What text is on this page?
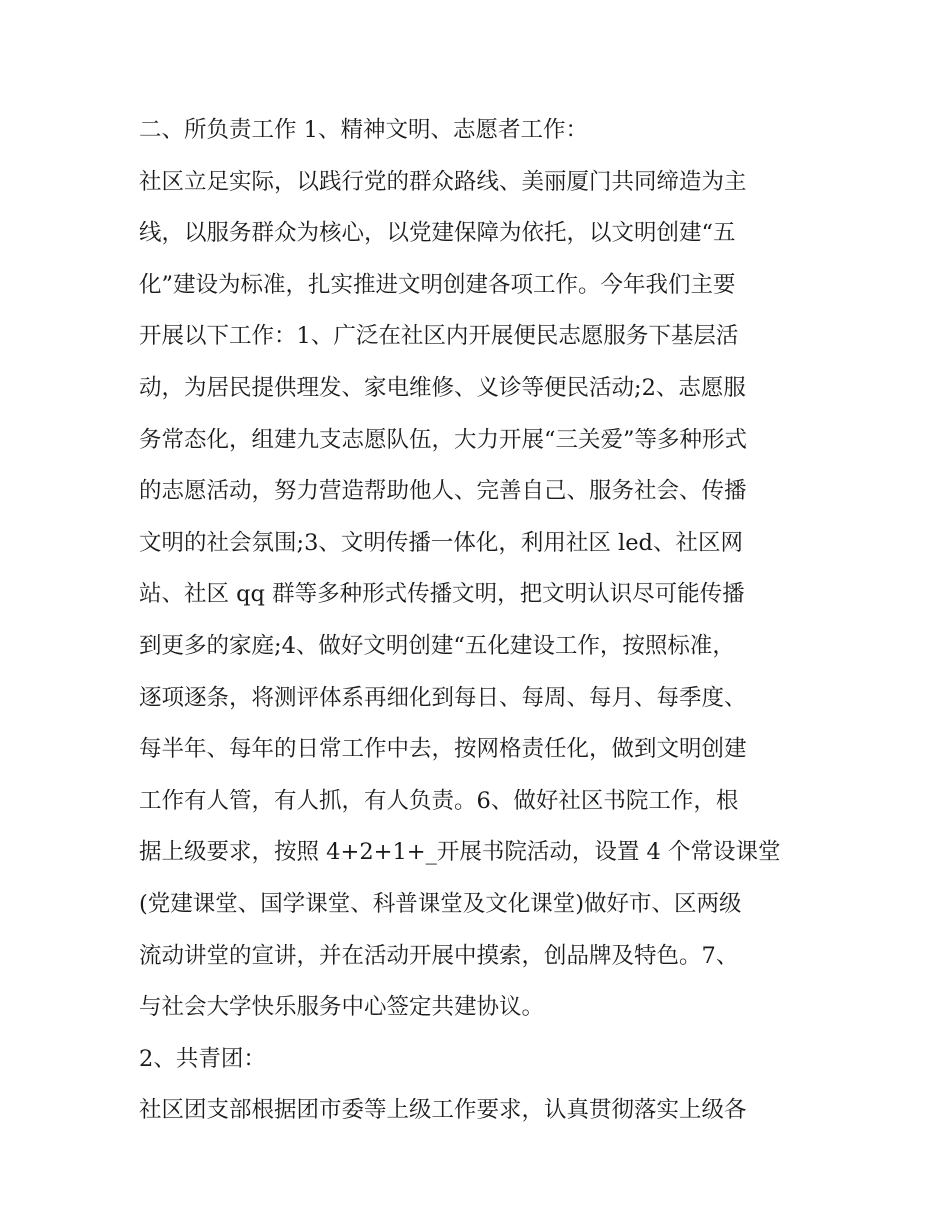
二、所负责工作 1、精神文明、志愿者工作：
社区立足实际，以践行党的群众路线、美丽厦门共同缔造为主
线，以服务群众为核心，以党建保障为依托，以文明创建“五
化”建设为标准，扎实推进文明创建各项工作。今年我们主要
开展以下工作：1、广泛在社区内开展便民志愿服务下基层活
动，为居民提供理发、家电维修、义诊等便民活动;2、志愿服
务常态化，组建九支志愿队伍，大力开展“三关爱”等多种形式
的志愿活动，努力营造帮助他人、完善自己、服务社会、传播
文明的社会氛围;3、文明传播一体化，利用社区 led、社区网
站、社区 qq 群等多种形式传播文明，把文明认识尽可能传播
到更多的家庭;4、做好文明创建“五化建设工作，按照标准，
逐项逐条，将测评体系再细化到每日、每周、每月、每季度、
每半年、每年的日常工作中去，按网格责任化，做到文明创建
工作有人管，有人抓，有人负责。6、做好社区书院工作，根
据上级要求，按照 4+2+1+_开展书院活动，设置 4 个常设课堂
(党建课堂、国学课堂、科普课堂及文化课堂)做好市、区两级
流动讲堂的宣讲，并在活动开展中摸索，创品牌及特色。7、
与社会大学快乐服务中心签定共建协议。
2、共青团：
社区团支部根据团市委等上级工作要求，认真贯彻落实上级各
